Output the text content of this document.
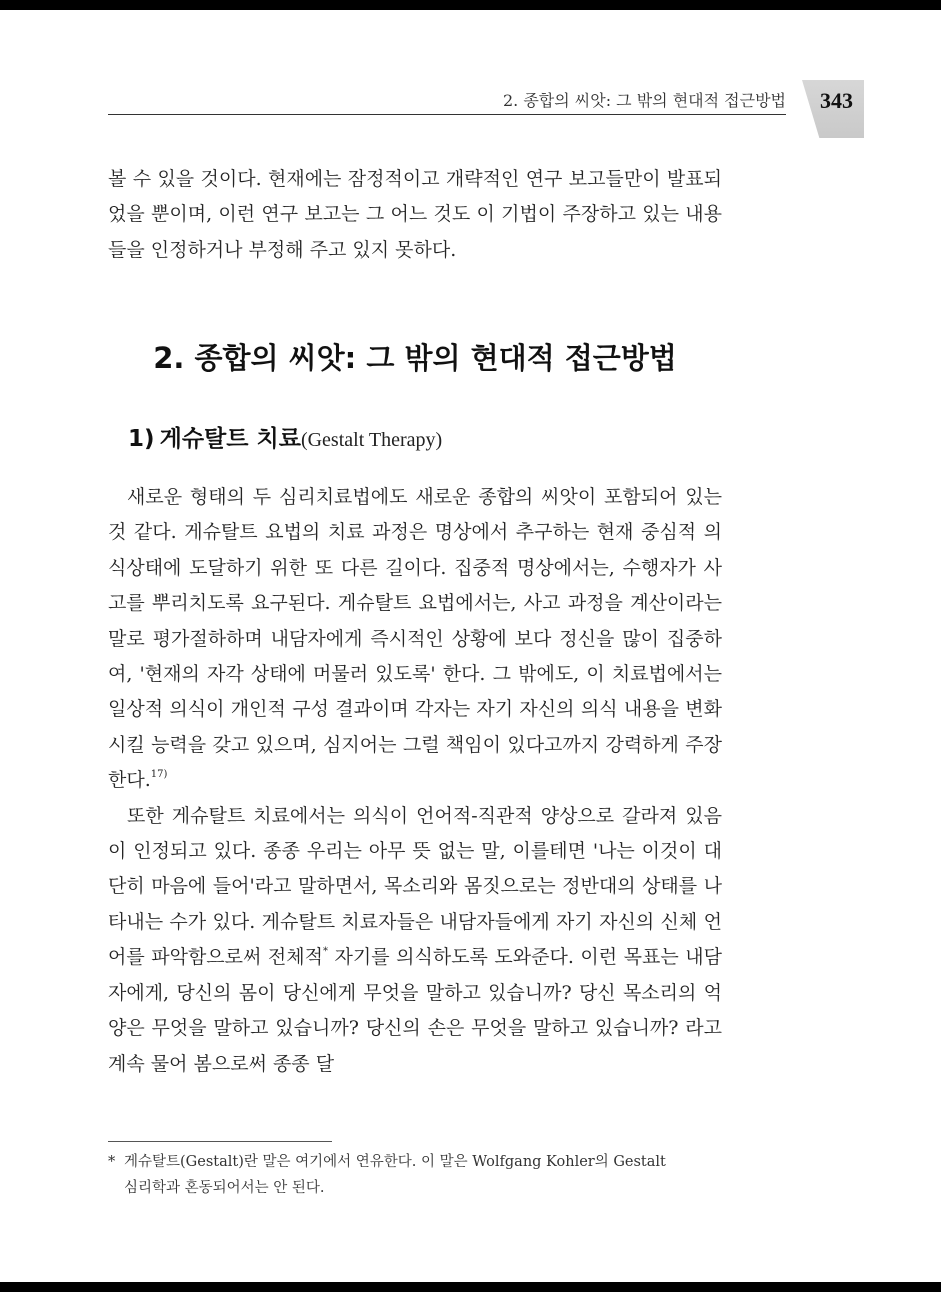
2. 종합의 씨앗: 그 밖의 현대적 접근방법 343

볼 수 있을 것이다. 현재에는 잠정적이고 개략적인 연구 보고들만이 발표되었을 뿐이며, 이런 연구 보고는 그 어느 것도 이 기법이 주장하고 있는 내용들을 인정하거나 부정해 주고 있지 못하다.

2. 종합의 씨앗: 그 밖의 현대적 접근방법
1) 게슈탈트 치료(Gestalt Therapy)

새로운 형태의 두 심리치료법에도 새로운 종합의 씨앗이 포함되어 있는 것 같다. 게슈탈트 요법의 치료 과정은 명상에서 추구하는 현재 중심적 의식상태에 도달하기 위한 또 다른 길이다. 집중적 명상에서는, 수행자가 사고를 뿌리치도록 요구된다. 게슈탈트 요법에서는, 사고 과정을 계산이라는 말로 평가절하하며 내담자에게 즉시적인 상황에 보다 정신을 많이 집중하여, '현재의 자각 상태에 머물러 있도록' 한다. 그 밖에도, 이 치료법에서는 일상적 의식이 개인적 구성 결과이며 각자는 자기 자신의 의식 내용을 변화시킬 능력을 갖고 있으며, 심지어는 그럴 책임이 있다고까지 강력하게 주장한다.$^{17)}$

또한 게슈탈트 치료에서는 의식이 언어적-직관적 양상으로 갈라져 있음이 인정되고 있다. 종종 우리는 아무 뜻 없는 말, 이를테면 '나는 이것이 대단히 마음에 들어'라고 말하면서, 목소리와 몸짓으로는 정반대의 상태를 나타내는 수가 있다. 게슈탈트 치료자들은 내담자들에게 자기 자신의 신체 언어를 파악함으로써 전체적* 자기를 의식하도록 도와준다. 이런 목표는 내담자에게, 당신의 몸이 당신에게 무엇을 말하고 있습니까? 당신 목소리의 억양은 무엇을 말하고 있습니까? 당신의 손은 무엇을 말하고 있습니까? 라고 계속 물어 봄으로써 종종 달

* 게슈탈트(Gestalt)란 말은 여기에서 연유한다. 이 말은 Wolfgang Kohler의 Gestalt
심리학과 혼동되어서는 안 된다.
